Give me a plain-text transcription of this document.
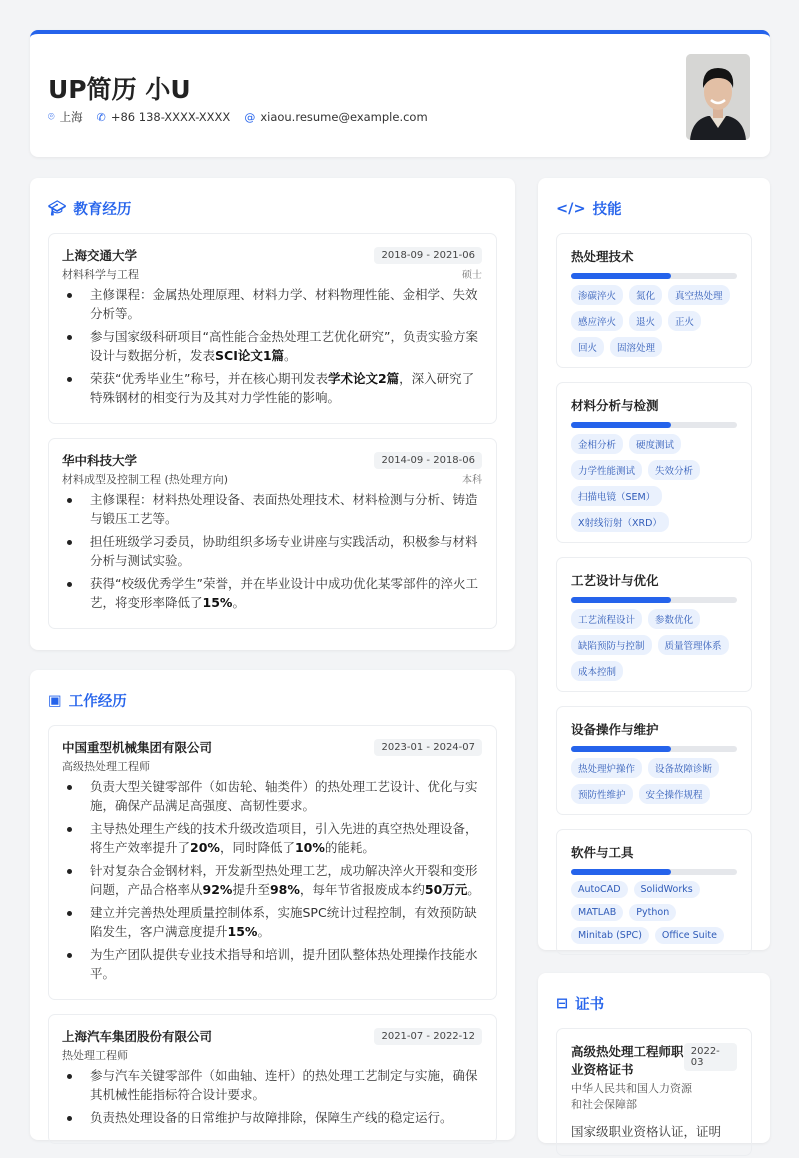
UP简历 小U
⌾ 上海 ✆ +86 138-XXXX-XXXX @ xiaou.resume@example.com
🎓︎ 教育经历
上海交通大学	2018-09 - 2021-06
材料科学与工程	硕士
主修课程：金属热处理原理、材料力学、材料物理性能、金相学、失效分析等。
参与国家级科研项目“高性能合金热处理工艺优化研究”，负责实验方案设计与数据分析，发表SCI论文1篇。
荣获“优秀毕业生”称号，并在核心期刊发表学术论文2篇，深入研究了特殊钢材的相变行为及其对力学性能的影响。
华中科技大学	2014-09 - 2018-06
材料成型及控制工程 (热处理方向)	本科
主修课程：材料热处理设备、表面热处理技术、材料检测与分析、铸造与锻压工艺等。
担任班级学习委员，协助组织多场专业讲座与实践活动，积极参与材料分析与测试实验。
获得“校级优秀学生”荣誉，并在毕业设计中成功优化某零部件的淬火工艺，将变形率降低了15%。
▣ 工作经历
中国重型机械集团有限公司	2023-01 - 2024-07
高级热处理工程师
负责大型关键零部件（如齿轮、轴类件）的热处理工艺设计、优化与实施，确保产品满足高强度、高韧性要求。
主导热处理生产线的技术升级改造项目，引入先进的真空热处理设备，将生产效率提升了20%，同时降低了10%的能耗。
针对复杂合金钢材料，开发新型热处理工艺，成功解决淬火开裂和变形问题，产品合格率从92%提升至98%，每年节省报废成本约50万元。
建立并完善热处理质量控制体系，实施SPC统计过程控制，有效预防缺陷发生，客户满意度提升15%。
为生产团队提供专业技术指导和培训，提升团队整体热处理操作技能水平。
上海汽车集团股份有限公司	2021-07 - 2022-12
热处理工程师
参与汽车关键零部件（如曲轴、连杆）的热处理工艺制定与实施，确保其机械性能指标符合设计要求。
负责热处理设备的日常维护与故障排除，保障生产线的稳定运行。
</> 技能
热处理技术
渗碳淬火	氮化	真空热处理
感应淬火	退火	正火
回火	固溶处理
材料分析与检测
金相分析	硬度测试
力学性能测试	失效分析
扫描电镜（SEM）
X射线衍射（XRD）
工艺设计与优化
工艺流程设计	参数优化
缺陷预防与控制	质量管理体系
成本控制
设备操作与维护
热处理炉操作	设备故障诊断
预防性维护	安全操作规程
软件与工具
AutoCAD	SolidWorks
MATLAB	Python
Minitab (SPC)	Office Suite
⊟ 证书
高级热处理工程师职业资格证书
2022-03
中华人民共和国人力资源和社会保障部
国家级职业资格认证，证明
